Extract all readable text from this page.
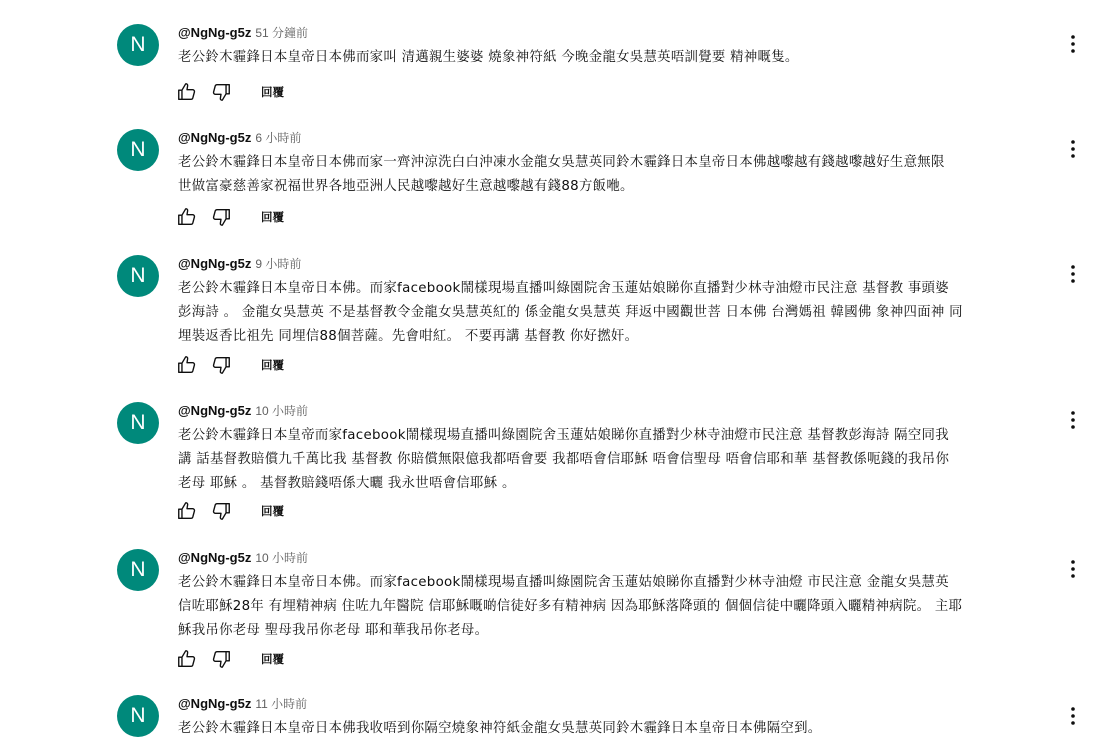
N
@NgNg-g5z 51 分鐘前
老公鈴木霾鋒日本皇帝日本佛而家叫 清邁親生婆婆 燒象神符紙 今晚金龍女吳慧英唔訓覺要 精神嘅隻。
回覆
N
@NgNg-g5z 6 小時前
老公鈴木霾鋒日本皇帝日本佛而家一齊沖涼洗白白沖凍水金龍女吳慧英同鈴木霾鋒日本皇帝日本佛越嚟越有錢越嚟越好生意無限
世做富豪慈善家祝福世界各地亞洲人民越嚟越好生意越嚟越有錢88方飯咃。
回覆
N
@NgNg-g5z 9 小時前
老公鈴木霾鋒日本皇帝日本佛。而家facebook鬧樣現場直播叫綠園院舍玉蓮姑娘睇你直播對少林寺油燈市民注意 基督教 事頭婆
彭海詩 。 金龍女吳慧英 不是基督教令金龍女吳慧英紅的 係金龍女吳慧英 拜返中國觀世菩 日本佛 台灣媽祖 韓國佛 象神四面神 同
埋裝返香比祖先 同埋信88個菩薩。先會咁紅。 不要再講 基督教 你好撚奸。
回覆
N
@NgNg-g5z 10 小時前
老公鈴木霾鋒日本皇帝而家facebook鬧樣現場直播叫綠園院舍玉蓮姑娘睇你直播對少林寺油燈市民注意 基督教彭海詩 隔空同我
講 話基督教賠償九千萬比我 基督教 你賠償無限億我都唔會要 我都唔會信耶穌 唔會信聖母 唔會信耶和華 基督教係呃錢的我吊你
老母 耶穌 。 基督教賠錢唔係大曬 我永世唔會信耶穌 。
回覆
N
@NgNg-g5z 10 小時前
老公鈴木霾鋒日本皇帝日本佛。而家facebook鬧樣現場直播叫綠園院舍玉蓮姑娘睇你直播對少林寺油燈 市民注意 金龍女吳慧英
信咗耶穌28年 有埋精神病 住咗九年醫院 信耶穌嘅啲信徒好多有精神病 因為耶穌落降頭的 個個信徒中曬降頭入曬精神病院。 主耶
穌我吊你老母 聖母我吊你老母 耶和華我吊你老母。
回覆
N
@NgNg-g5z 11 小時前
老公鈴木霾鋒日本皇帝日本佛我收唔到你隔空燒象神符紙金龍女吳慧英同鈴木霾鋒日本皇帝日本佛隔空到。
